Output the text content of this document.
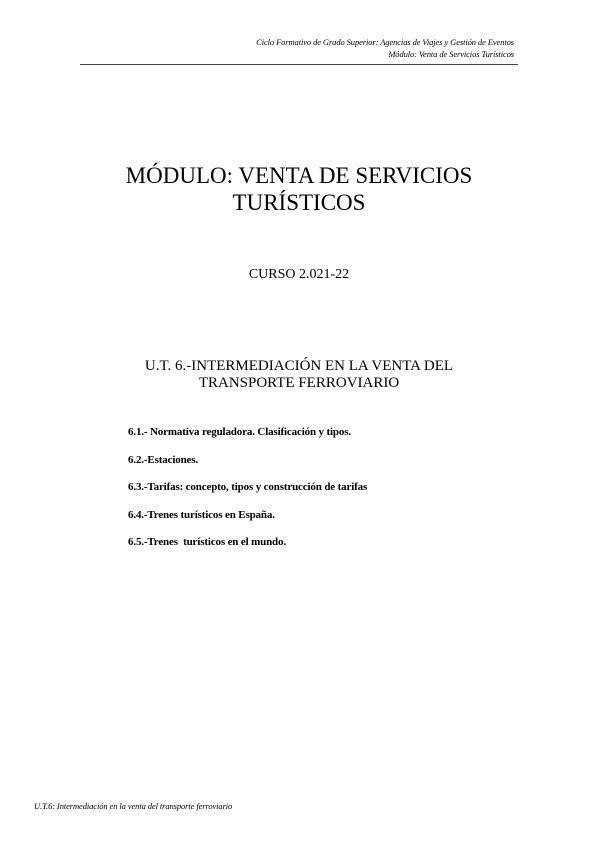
Ciclo Formativo de Grado Superior: Agencias de Viajes y Gestión de Eventos
Módulo: Venta de Servicios Turísticos
MÓDULO: VENTA DE SERVICIOS
TURÍSTICOS
CURSO 2.021-22
U.T. 6.-INTERMEDIACIÓN EN LA VENTA DEL
TRANSPORTE FERROVIARIO
6.1.- Normativa reguladora. Clasificación y tipos.
6.2.-Estaciones.
6.3.-Tarifas: concepto, tipos y construcción de tarifas
6.4.-Trenes turísticos en España.
6.5.-Trenes  turísticos en el mundo.
U.T.6: Intermediación en la venta del transporte ferroviario
